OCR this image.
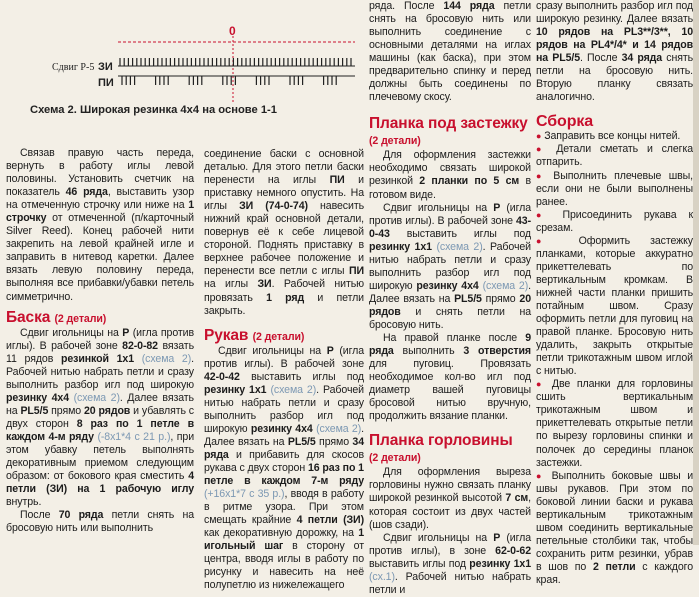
0
Сдвиг Р-5 ЗИ
ПИ
Схема 2. Широкая резинка 4x4 на основе 1-1

Связав правую часть переда, вернуть в работу иглы левой половины. Установить счетчик на показатель 46 ряда, выставить узор на отмеченную строчку или ниже на 1 строчку от отмеченной (п/карточный Silver Reed). Конец рабочей нити закрепить на левой крайней игле и заправить в нитевод каретки. Далее вязать левую половину переда, выполняя все прибавки/убавки петель симметрично.

Баска (2 детали)

Сдвиг игольницы на Р (игла против иглы). В рабочей зоне 82-0-82 вязать 11 рядов резинкой 1x1 (схема 2). Рабочей нитью набрать петли и сразу выполнить разбор игл под широкую резинку 4x4 (схема 2). Далее вязать на PL5/5 прямо 20 рядов и убавлять с двух сторон 8 раз по 1 петле в каждом 4-м ряду (-8x1*4 с 21 р.), при этом убавку петель выполнять декоративным приемом следующим образом: от бокового края сместить 4 петли (ЗИ) на 1 рабочую иглу внутрь.

После 70 ряда петли снять на бросовую нить или выполнить

соединение баски с основной деталью. Для этого петли баски перенести на иглы ПИ и приставку немного опустить. На иглы ЗИ (74-0-74) навесить нижний край основной детали, повернув её к себе лицевой стороной. Поднять приставку в верхнее рабочее положение и перенести все петли с иглы ПИ на иглы ЗИ. Рабочей нитью провязать 1 ряд и петли закрыть.

Рукав (2 детали)

Сдвиг игольницы на Р (игла против иглы). В рабочей зоне 42-0-42 выставить иглы под резинку 1x1 (схема 2). Рабочей нитью набрать петли и сразу выполнить разбор игл под широкую резинку 4x4 (схема 2). Далее вязать на PL5/5 прямо 34 ряда и прибавить для скосов рукава с двух сторон 16 раз по 1 петле в каждом 7-м ряду (+16x1*7 с 35 р.), вводя в работу в ритме узора. При этом смещать крайние 4 петли (ЗИ) как декоративную дорожку, на 1 игольный шаг в сторону от центра, вводя иглы в работу по рисунку и навесить на неё полупетлю из нижележащего

ряда. После 144 ряда петли снять на бросовую нить или выполнить соединение с основными деталями на иглах машины (как баска), при этом предварительно спинку и перед должны быть соединены по плечевому скосу.

Планка под застежку
(2 детали)

Для оформления застежки необходимо связать широкой резинкой 2 планки по 5 см в готовом виде.

Сдвиг игольницы на Р (игла против иглы). В рабочей зоне 43-0-43 выставить иглы под резинку 1x1 (схема 2). Рабочей нитью набрать петли и сразу выполнить разбор игл под широкую резинку 4x4 (схема 2). Далее вязать на PL5/5 прямо 20 рядов и снять петли на бросовую нить.

На правой планке после 9 ряда выполнить 3 отверстия для пуговиц. Провязать необходимое кол-во игл под диаметр вашей пуговицы бросовой нитью вручную, продолжить вязание планки.

Планка горловины
(2 детали)

Для оформления выреза горловины нужно связать планку широкой резинкой высотой 7 см, которая состоит из двух частей (шов сзади).

Сдвиг игольницы на Р (игла против иглы), в зоне 62-0-62 выставить иглы под резинку 1x1 (сх.1). Рабочей нитью набрать петли и

сразу выполнить разбор игл под широкую резинку. Далее вязать 10 рядов на PL3**/3**, 10 рядов на PL4*/4* и 14 рядов на PL5/5. После 34 ряда снять петли на бросовую нить. Вторую планку связать аналогично.

Сборка

● Заправить все концы нитей.

● Детали сметать и слегка отпарить.

● Выполнить плечевые швы, если они не были выполнены ранее.

● Присоединить рукава к срезам.

● Оформить застежку планками, которые аккуратно прикеттелевать по вертикальным кромкам. В нижней части планки пришить потайным швом. Сразу оформить петли для пуговиц на правой планке. Бросовую нить удалить, закрыть открытые петли трикотажным швом иглой с нитью.

● Две планки для горловины сшить вертикальным трикотажным швом и прикеттелевать открытые петли по вырезу горловины спинки и полочек до середины планок застежки.

● Выполнить боковые швы и швы рукавов. При этом по боковой линии баски и рукава вертикальным трикотажным швом соединить вертикальные петельные столбики так, чтобы сохранить ритм резинки, убрав в шов по 2 петли с каждого края.
